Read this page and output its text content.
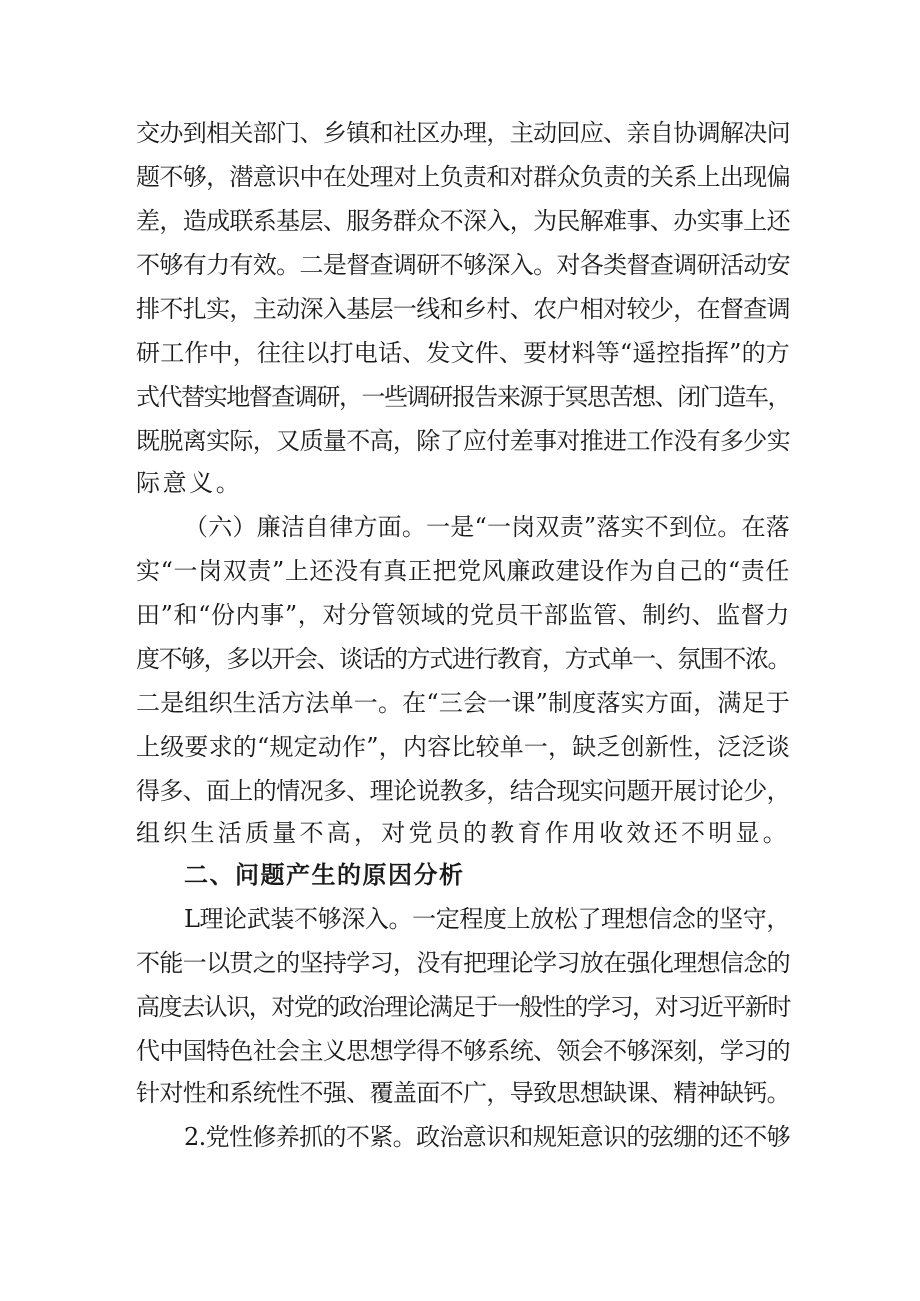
交办到相关部门、乡镇和社区办理，主动回应、亲自协调解决问

题不够，潜意识中在处理对上负责和对群众负责的关系上出现偏

差，造成联系基层、服务群众不深入，为民解难事、办实事上还

不够有力有效。二是督查调研不够深入。对各类督查调研活动安

排不扎实，主动深入基层一线和乡村、农户相对较少，在督查调

研工作中，往往以打电话、发文件、要材料等“遥控指挥”的方

式代替实地督查调研，一些调研报告来源于冥思苦想、闭门造车，

既脱离实际，又质量不高，除了应付差事对推进工作没有多少实

际意义。

（六）廉洁自律方面。一是“一岗双责”落实不到位。在落

实“一岗双责”上还没有真正把党风廉政建设作为自己的“责任

田”和“份内事”，对分管领域的党员干部监管、制约、监督力

度不够，多以开会、谈话的方式进行教育，方式单一、氛围不浓。

二是组织生活方法单一。在“三会一课”制度落实方面，满足于

上级要求的“规定动作”，内容比较单一，缺乏创新性，泛泛谈

得多、面上的情况多、理论说教多，结合现实问题开展讨论少，

组织生活质量不高，对党员的教育作用收效还不明显。

二、问题产生的原因分析

L理论武装不够深入。一定程度上放松了理想信念的坚守，

不能一以贯之的坚持学习，没有把理论学习放在强化理想信念的

高度去认识，对党的政治理论满足于一般性的学习，对习近平新时

代中国特色社会主义思想学得不够系统、领会不够深刻，学习的

针对性和系统性不强、覆盖面不广，导致思想缺课、精神缺钙。

2.党性修养抓的不紧。政治意识和规矩意识的弦绷的还不够
